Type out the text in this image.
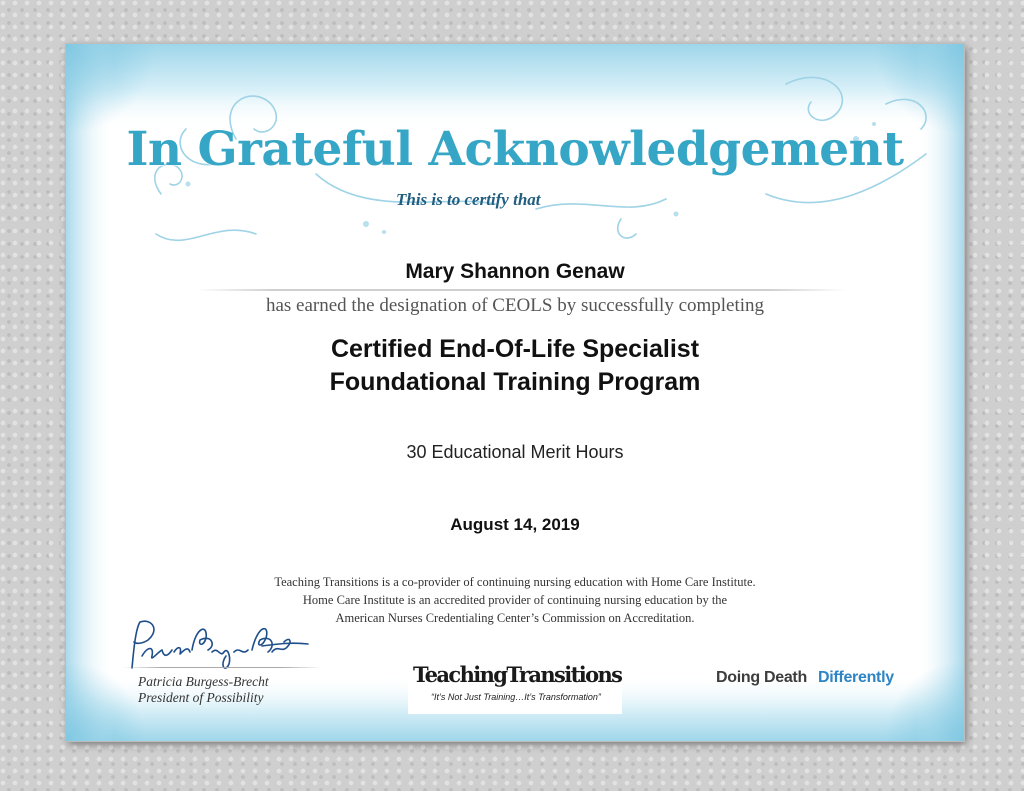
In Grateful Acknowledgement
This is to certify that
Mary Shannon Genaw
has earned the designation of CEOLS by successfully completing
Certified End-Of-Life Specialist
Foundational Training Program
30 Educational Merit Hours
August 14, 2019
Teaching Transitions is a co-provider of continuing nursing education with Home Care Institute.
Home Care Institute is an accredited provider of continuing nursing education by the
American Nurses Credentialing Center’s Commission on Accreditation.
Patricia Burgess-Brecht
President of Possibility
TeachingTransitions
“It’s Not Just Training…It’s Transformation”
Doing Death Differently
